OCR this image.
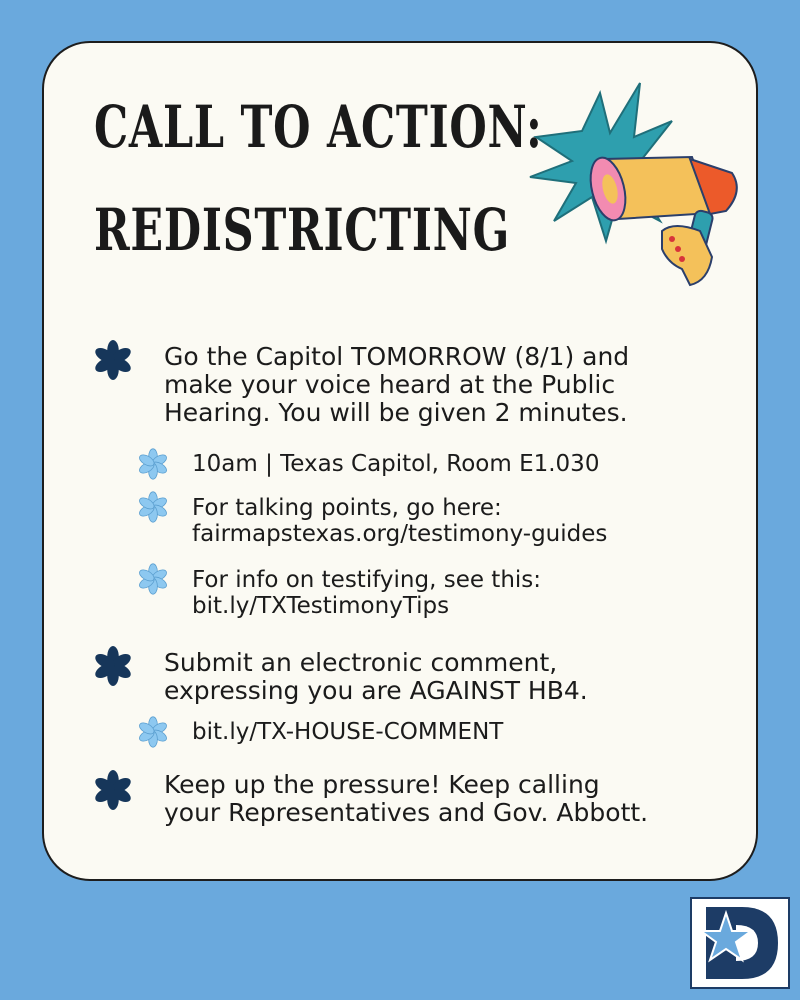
CALL TO ACTION:
REDISTRICTING
Go the Capitol TOMORROW (8/1) and
make your voice heard at the Public
Hearing. You will be given 2 minutes.
10am | Texas Capitol, Room E1.030
For talking points, go here:
fairmapstexas.org/testimony-guides
For info on testifying, see this:
bit.ly/TXTestimonyTips
Submit an electronic comment,
expressing you are AGAINST HB4.
bit.ly/TX-HOUSE-COMMENT
Keep up the pressure! Keep calling
your Representatives and Gov. Abbott.
